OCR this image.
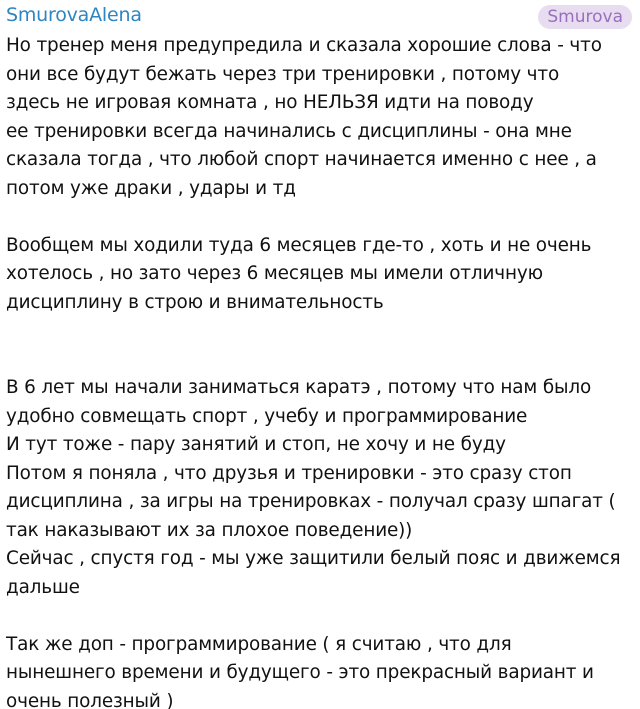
SmurovaAlena	Smurova
Но тренер меня предупредила и сказала хорошие слова - что
они все будут бежать через три тренировки , потому что
здесь не игровая комната , но НЕЛЬЗЯ идти на поводу
ее тренировки всегда начинались с дисциплины - она мне
сказала тогда , что любой спорт начинается именно с нее , а
потом уже драки , удары и тд
Вообщем мы ходили туда 6 месяцев где-то , хоть и не очень
хотелось , но зато через 6 месяцев мы имели отличную
дисциплину в строю и внимательность
В 6 лет мы начали заниматься каратэ , потому что нам было
удобно совмещать спорт , учебу и программирование
И тут тоже - пару занятий и стоп, не хочу и не буду
Потом я поняла , что друзья и тренировки - это сразу стоп
дисциплина , за игры на тренировках - получал сразу шпагат (
так наказывают их за плохое поведение))
Сейчас , спустя год - мы уже защитили белый пояс и движемся
дальше
Так же доп - программирование ( я считаю , что для
нынешнего времени и будущего - это прекрасный вариант и
очень полезный )
